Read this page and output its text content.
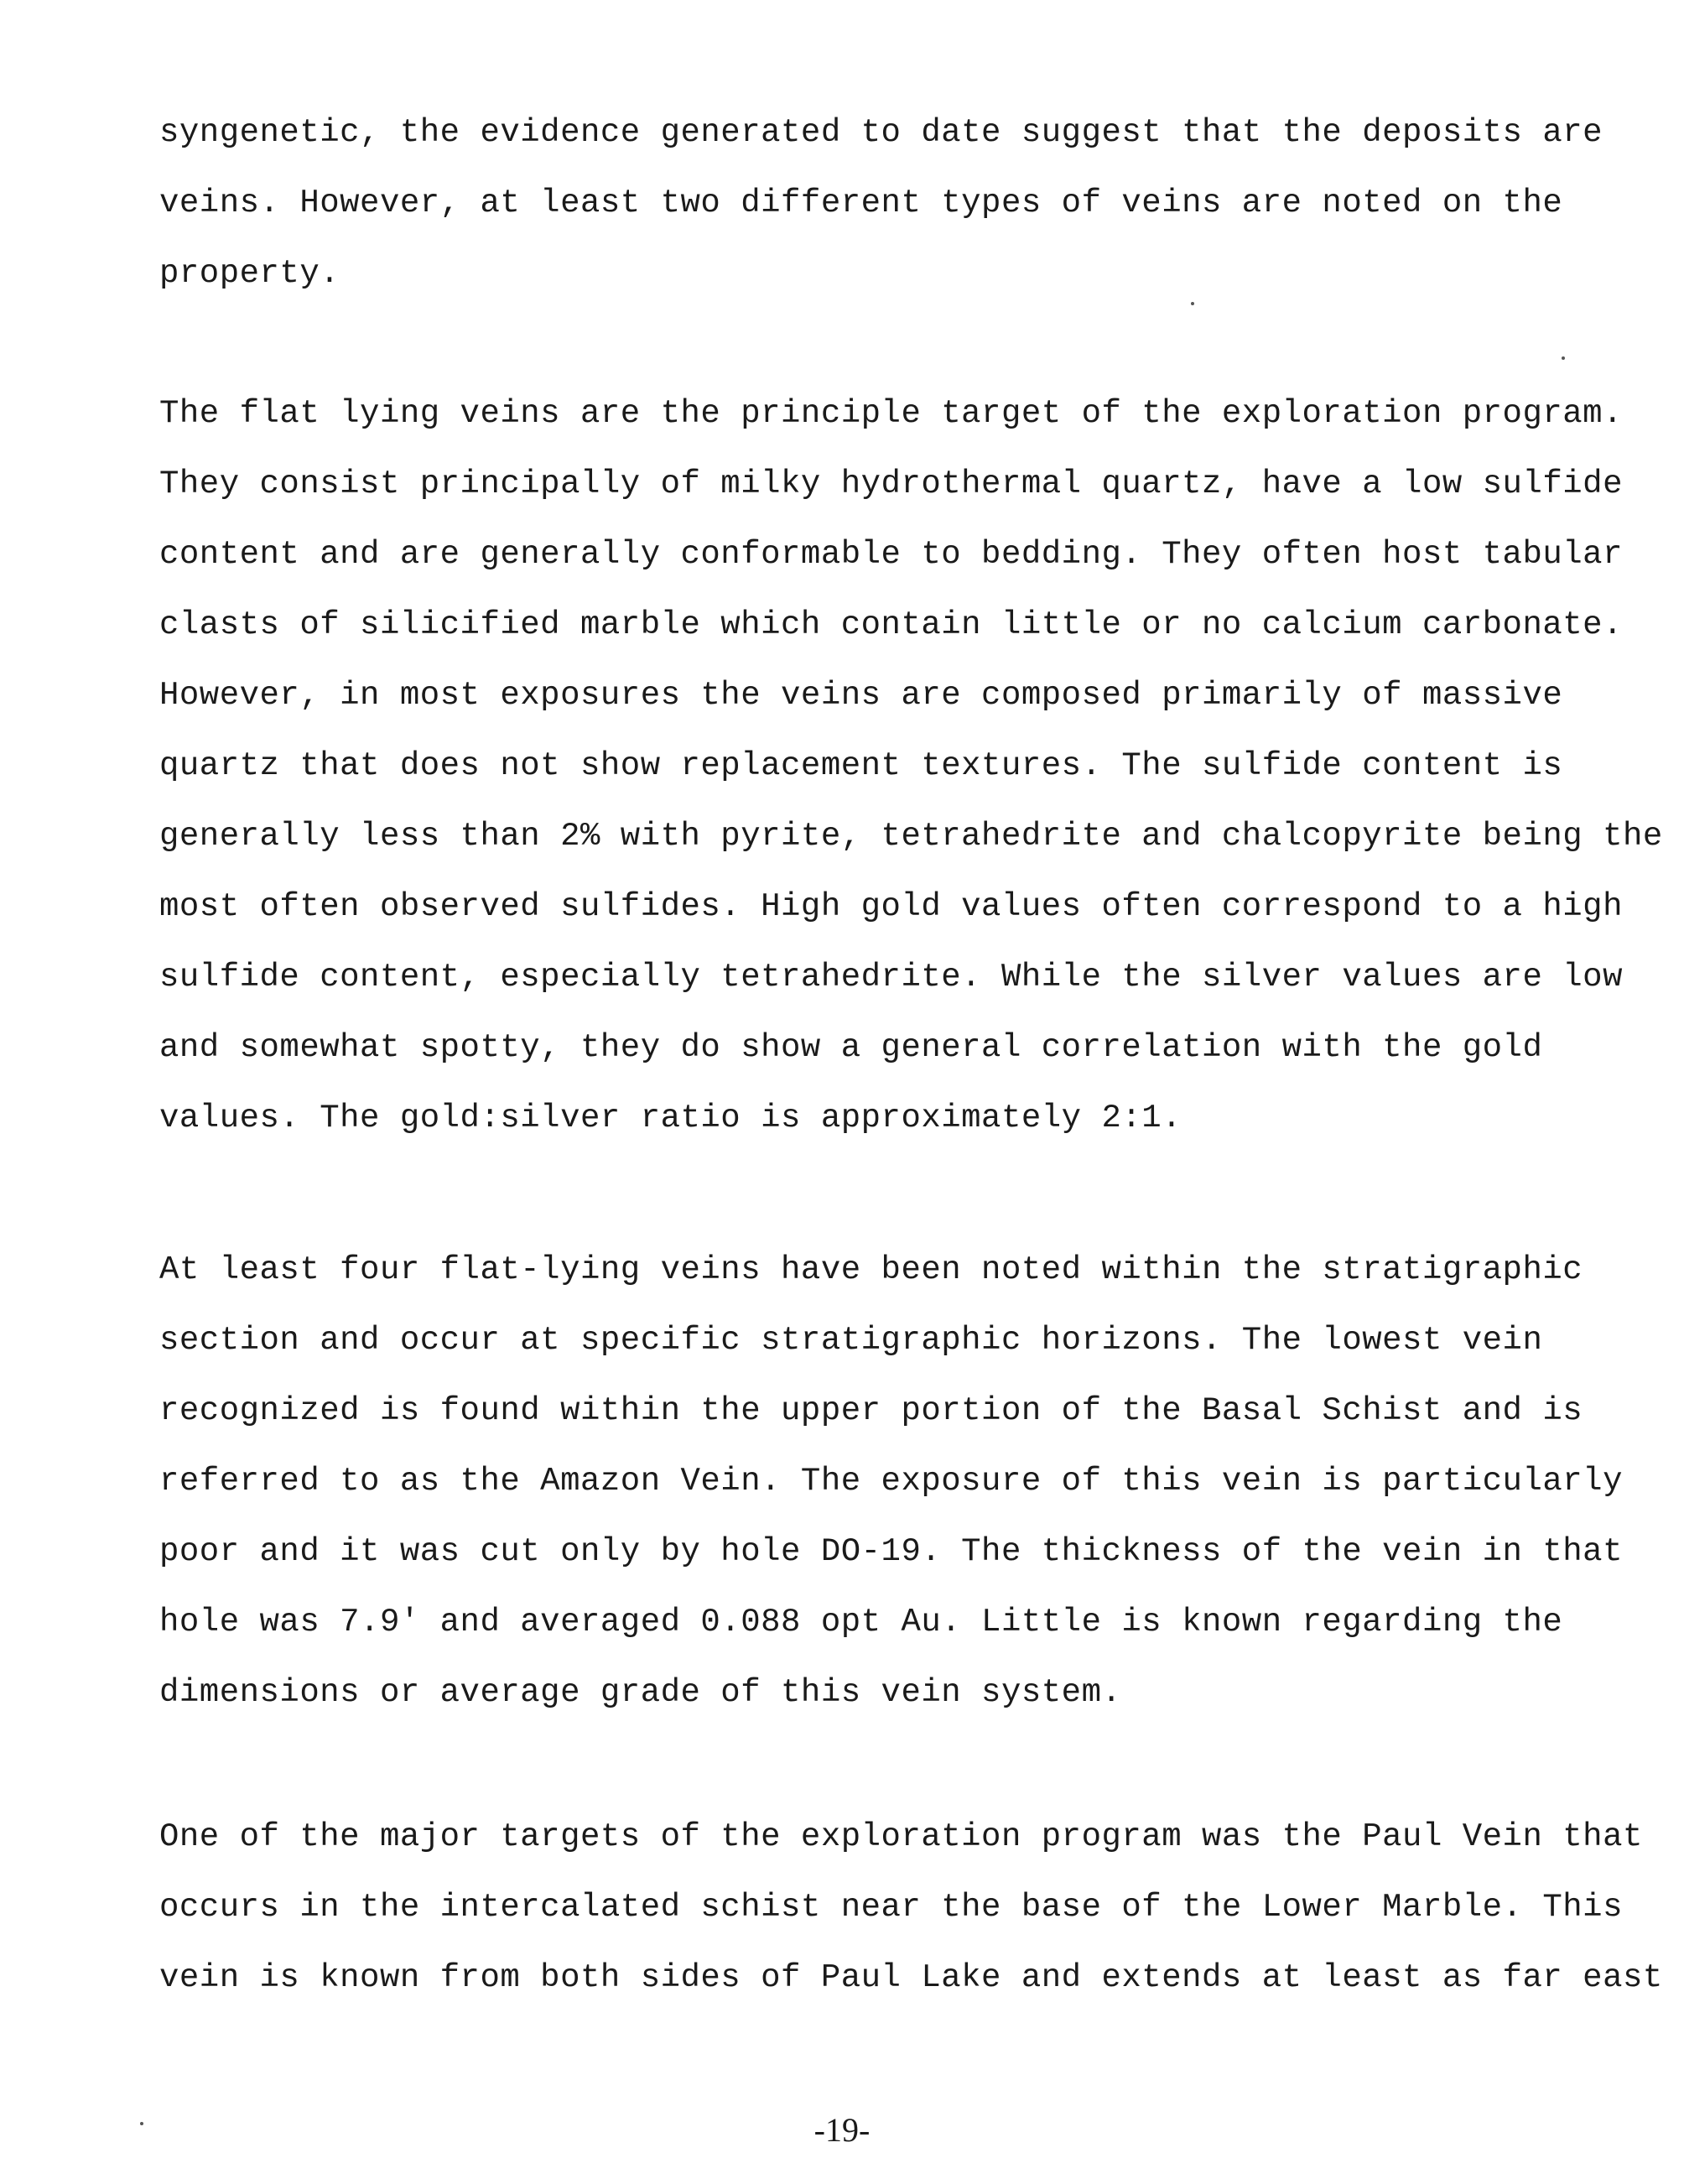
syngenetic, the evidence generated to date suggest that the deposits are
veins. However, at least two different types of veins are noted on the
property.
The flat lying veins are the principle target of the exploration program.
They consist principally of milky hydrothermal quartz, have a low sulfide
content and are generally conformable to bedding. They often host tabular
clasts of silicified marble which contain little or no calcium carbonate.
However, in most exposures the veins are composed primarily of massive
quartz that does not show replacement textures. The sulfide content is
generally less than 2% with pyrite, tetrahedrite and chalcopyrite being the
most often observed sulfides. High gold values often correspond to a high
sulfide content, especially tetrahedrite. While the silver values are low
and somewhat spotty, they do show a general correlation with the gold
values. The gold:silver ratio is approximately 2:1.
At least four flat-lying veins have been noted within the stratigraphic
section and occur at specific stratigraphic horizons. The lowest vein
recognized is found within the upper portion of the Basal Schist and is
referred to as the Amazon Vein. The exposure of this vein is particularly
poor and it was cut only by hole DO-19. The thickness of the vein in that
hole was 7.9' and averaged 0.088 opt Au. Little is known regarding the
dimensions or average grade of this vein system.
One of the major targets of the exploration program was the Paul Vein that
occurs in the intercalated schist near the base of the Lower Marble. This
vein is known from both sides of Paul Lake and extends at least as far east
-19-
